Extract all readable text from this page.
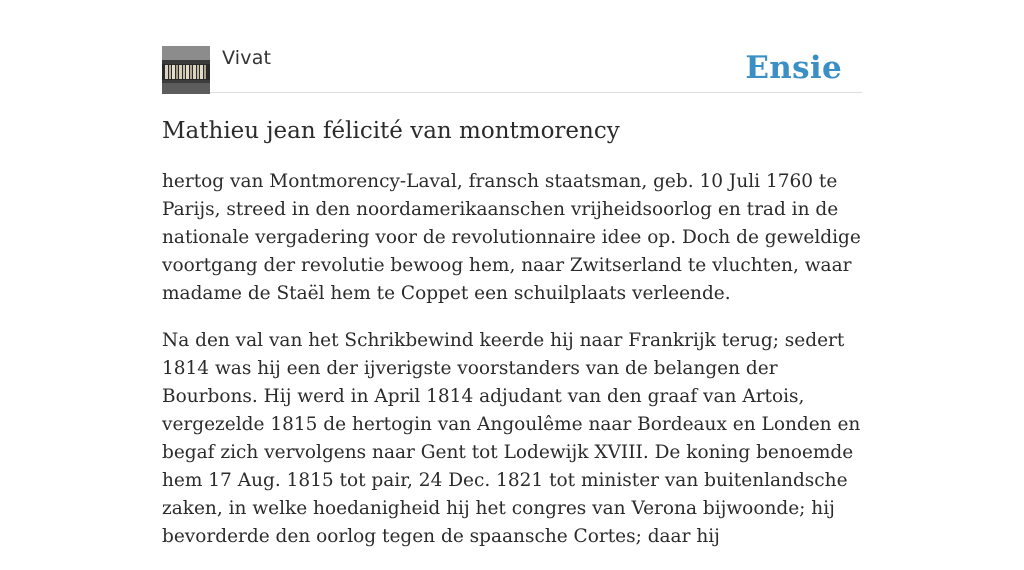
Vivat	Ensie
Mathieu jean félicité van montmorency

hertog van Montmorency-Laval, fransch staatsman, geb. 10 Juli 1760 te Parijs, streed in den noordamerikaanschen vrijheidsoorlog en trad in de nationale vergadering voor de revolutionnaire idee op. Doch de geweldige voortgang der revolutie bewoog hem, naar Zwitserland te vluchten, waar madame de Staël hem te Coppet een schuilplaats verleende.

Na den val van het Schrikbewind keerde hij naar Frankrijk terug; sedert 1814 was hij een der ijverigste voorstanders van de belangen der Bourbons. Hij werd in April 1814 adjudant van den graaf van Artois, vergezelde 1815 de hertogin van Angoulême naar Bordeaux en Londen en begaf zich vervolgens naar Gent tot Lodewijk XVIII. De koning benoemde hem 17 Aug. 1815 tot pair, 24 Dec. 1821 tot minister van buitenlandsche zaken, in welke hoedanigheid hij het congres van Verona bijwoonde; hij bevorderde den oorlog tegen de spaansche Cortes; daar hij
